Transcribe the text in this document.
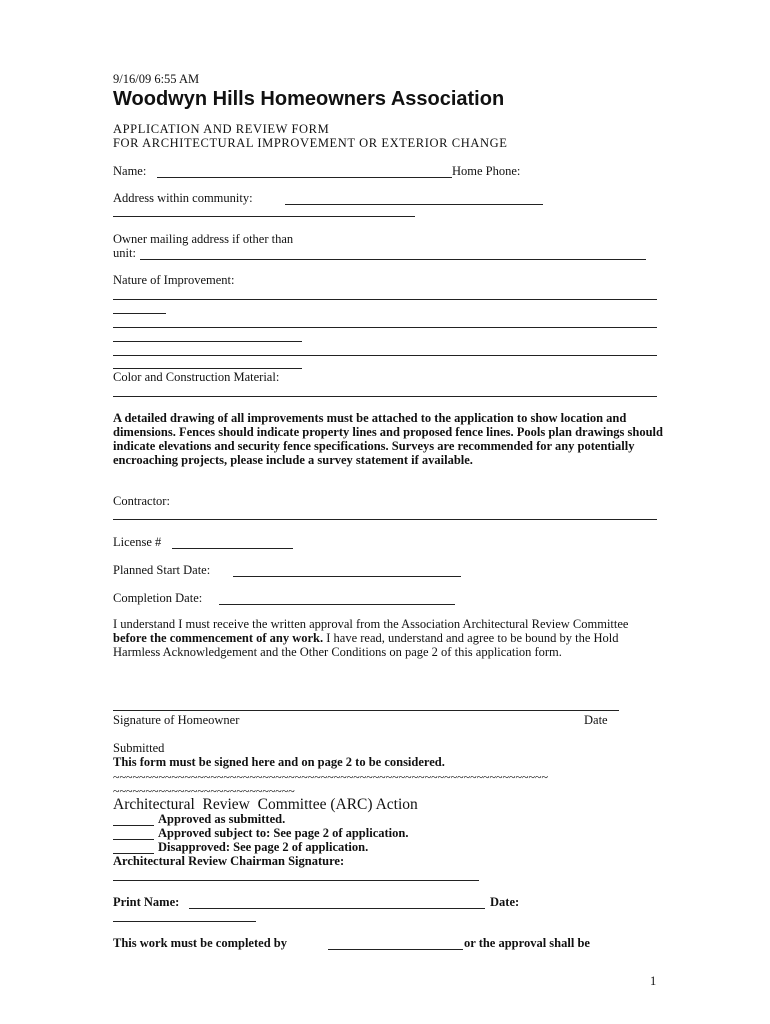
9/16/09 6:55 AM
Woodwyn Hills Homeowners Association
APPLICATION AND REVIEW FORM
FOR ARCHITECTURAL IMPROVEMENT OR EXTERIOR CHANGE
Name:	Home Phone:
Address within community:
Owner mailing address if other than
unit:
Nature of Improvement:
Color and Construction Material:
A detailed drawing of all improvements must be attached to the application to show location and dimensions. Fences should indicate property lines and proposed fence lines. Pools plan drawings should indicate elevations and security fence specifications. Surveys are recommended for any potentially encroaching projects, please include a survey statement if available.
Contractor:
License #
Planned Start Date:
Completion Date:
I understand I must receive the written approval from the Association Architectural Review Committee before the commencement of any work. I have read, understand and agree to be bound by the Hold Harmless Acknowledgement and the Other Conditions on page 2 of this application form.
Signature of Homeowner	Date
Submitted
This form must be signed here and on page 2 to be considered.
~~~~~~~~~~~~~~~~~~~~~~~~~~~~~~~~~~~~~~~~~~~~~~~~~~~~~~~~~~~~~~~~~~~
~~~~~~~~~~~~~~~~~~~~~~~~~~~~
Architectural  Review  Committee (ARC) Action
Approved as submitted.
Approved subject to: See page 2 of application.
Disapproved: See page 2 of application.
Architectural Review Chairman Signature:
Print Name:	Date:
This work must be completed by	or the approval shall be
1
